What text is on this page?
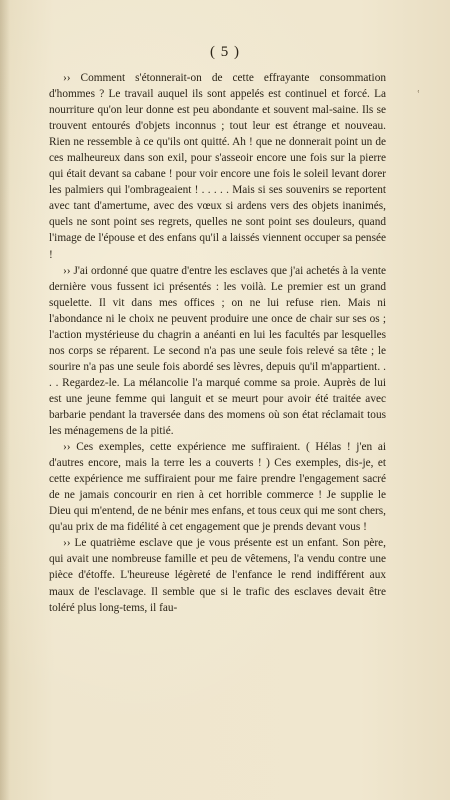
( 5 )
ʿ

›› Comment s'étonnerait-on de cette effrayante consommation d'hommes ? Le travail auquel ils sont appelés est continuel et forcé. La nourriture qu'on leur donne est peu abondante et souvent mal-saine. Ils se trouvent entourés d'objets inconnus ; tout leur est étrange et nouveau. Rien ne ressemble à ce qu'ils ont quitté. Ah ! que ne donnerait point un de ces malheureux dans son exil, pour s'asseoir encore une fois sur la pierre qui était devant sa cabane ! pour voir encore une fois le soleil levant dorer les palmiers qui l'ombrageaient ! . . . . . Mais si ses souvenirs se reportent avec tant d'amertume, avec des vœux si ardens vers des objets inanimés, quels ne sont point ses regrets, quelles ne sont point ses douleurs, quand l'image de l'épouse et des enfans qu'il a laissés viennent occuper sa pensée !

›› J'ai ordonné que quatre d'entre les esclaves que j'ai achetés à la vente dernière vous fussent ici présentés : les voilà. Le premier est un grand squelette. Il vit dans mes offices ; on ne lui refuse rien. Mais ni l'abondance ni le choix ne peuvent produire une once de chair sur ses os ; l'action mystérieuse du chagrin a anéanti en lui les facultés par lesquelles nos corps se réparent. Le second n'a pas une seule fois relevé sa tête ; le sourire n'a pas une seule fois abordé ses lèvres, depuis qu'il m'appartient. . . . Regardez-le. La mélancolie l'a marqué comme sa proie. Auprès de lui est une jeune femme qui languit et se meurt pour avoir été traitée avec barbarie pendant la traversée dans des momens où son état réclamait tous les ménagemens de la pitié.

›› Ces exemples, cette expérience me suffiraient. ( Hélas ! j'en ai d'autres encore, mais la terre les a couverts ! ) Ces exemples, dis-je, et cette expérience me suffiraient pour me faire prendre l'engagement sacré de ne jamais concourir en rien à cet horrible commerce ! Je supplie le Dieu qui m'entend, de ne bénir mes enfans, et tous ceux qui me sont chers, qu'au prix de ma fidélité à cet engagement que je prends devant vous !

›› Le quatrième esclave que je vous présente est un enfant. Son père, qui avait une nombreuse famille et peu de vêtemens, l'a vendu contre une pièce d'étoffe. L'heureuse légèreté de l'enfance le rend indifférent aux maux de l'esclavage. Il semble que si le trafic des esclaves devait être toléré plus long-tems, il fau-
